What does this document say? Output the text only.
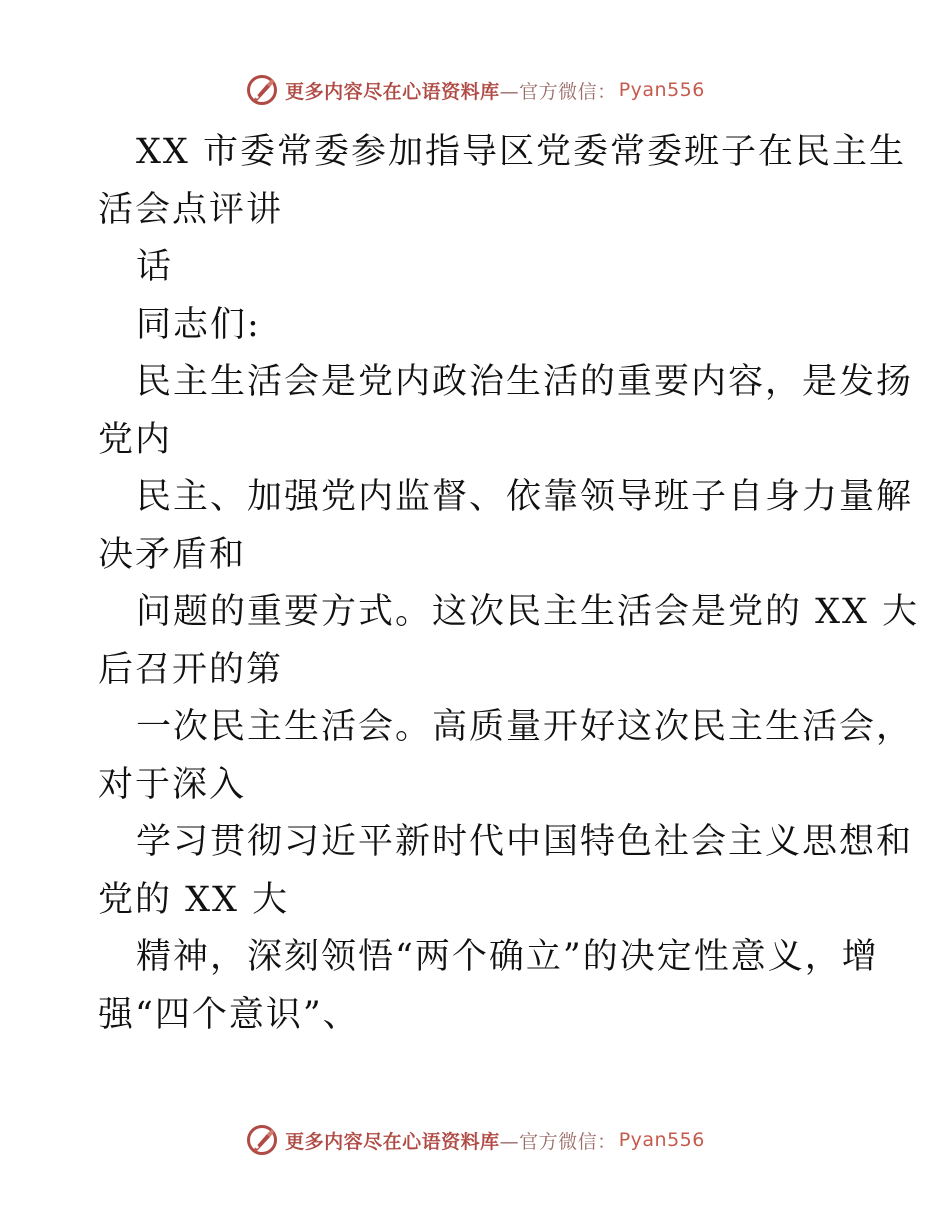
更多内容尽在心语资料库 —官方微信： Pyan556
XX 市委常委参加指导区党委常委班子在民主生
活会点评讲
话
同志们:
民主生活会是党内政治生活的重要内容，是发扬
党内
民主、加强党内监督、依靠领导班子自身力量解
决矛盾和
问题的重要方式。这次民主生活会是党的 XX 大
后召开的第
一次民主生活会。高质量开好这次民主生活会，
对于深入
学习贯彻习近平新时代中国特色社会主义思想和
党的 XX 大
精神，深刻领悟“两个确立”的决定性意义，增
强“四个意识”、
更多内容尽在心语资料库 —官方微信： Pyan556
